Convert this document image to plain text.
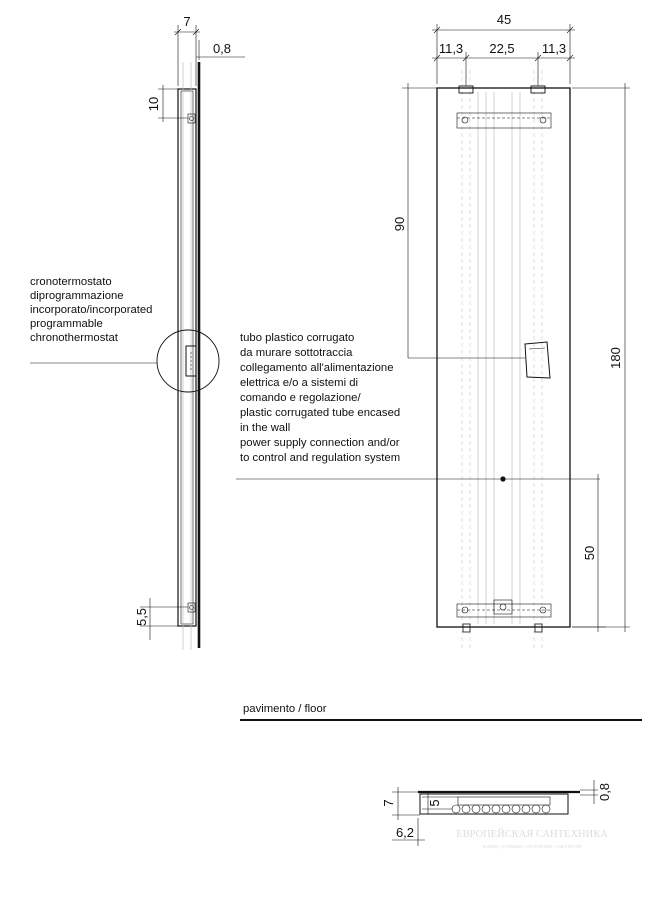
7
0,8
10
5,5
cronotermostato diprogrammazione incorporato/incorporated programmable chronothermostat
45
11,3 22,5 11,3
180
90
50
tubo plastico corrugato da murare sottotraccia collegamento all'alimentazione elettrica e/o a sistemi di comando e regolazione/ plastic corrugated tube encased in the wall power supply connection and/or to control and regulation system
pavimento / floor
7 5
0,8
6,2	ЕВРОПЕЙСКАЯ САНТЕХНИКА
ВАННЫ • ДУШЕВЫЕ • ОТОПЛЕНИЕ • СМЕСИТЕЛИ
